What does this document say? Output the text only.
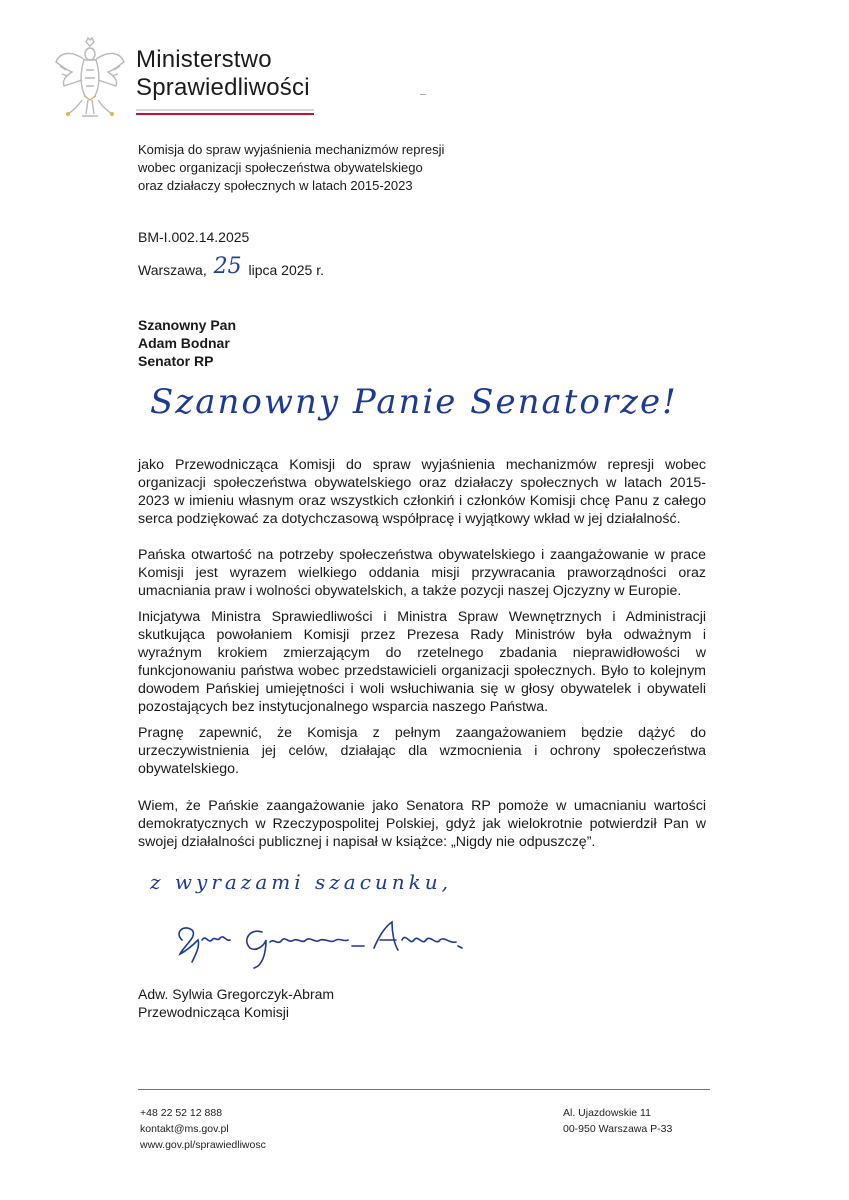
Ministerstwo
Sprawiedliwości
Komisja do spraw wyjaśnienia mechanizmów represji
wobec organizacji społeczeństwa obywatelskiego
oraz działaczy społecznych w latach 2015-2023
BM-I.002.14.2025
Warszawa, 25 lipca 2025 r.
Szanowny Pan
Adam Bodnar
Senator RP
Szanowny Panie Senatorze!
jako Przewodnicząca Komisji do spraw wyjaśnienia mechanizmów represji wobec organizacji społeczeństwa obywatelskiego oraz działaczy społecznych w latach 2015-2023 w imieniu własnym oraz wszystkich członkiń i członków Komisji chcę Panu z całego serca podziękować za dotychczasową współpracę i wyjątkowy wkład w jej działalność.
Pańska otwartość na potrzeby społeczeństwa obywatelskiego i zaangażowanie w prace Komisji jest wyrazem wielkiego oddania misji przywracania praworządności oraz umacniania praw i wolności obywatelskich, a także pozycji naszej Ojczyzny w Europie.
Inicjatywa Ministra Sprawiedliwości i Ministra Spraw Wewnętrznych i Administracji skutkująca powołaniem Komisji przez Prezesa Rady Ministrów była odważnym i wyraźnym krokiem zmierzającym do rzetelnego zbadania nieprawidłowości w funkcjonowaniu państwa wobec przedstawicieli organizacji społecznych. Było to kolejnym dowodem Pańskiej umiejętności i woli wsłuchiwania się w głosy obywatelek i obywateli pozostających bez instytucjonalnego wsparcia naszego Państwa.
Pragnę zapewnić, że Komisja z pełnym zaangażowaniem będzie dążyć do urzeczywistnienia jej celów, działając dla wzmocnienia i ochrony społeczeństwa obywatelskiego.
Wiem, że Pańskie zaangażowanie jako Senatora RP pomoże w umacnianiu wartości demokratycznych w Rzeczypospolitej Polskiej, gdyż jak wielokrotnie potwierdził Pan w swojej działalności publicznej i napisał w książce: „Nigdy nie odpuszczę”.
z wyrazami szacunku,
Adw. Sylwia Gregorczyk-Abram
Przewodnicząca Komisji
+48 22 52 12 888
kontakt@ms.gov.pl
www.gov.pl/sprawiedliwosc
Al. Ujazdowskie 11
00-950 Warszawa P-33
